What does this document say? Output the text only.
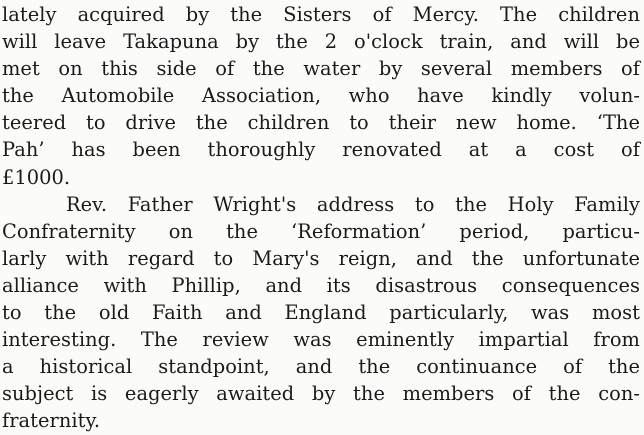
lately acquired by the Sisters of Mercy. The children
will leave Takapuna by the 2 o'clock train, and will be
met on this side of the water by several members of
the Automobile Association, who have kindly volun-
teered to drive the children to their new home. ‘The
Pah’ has been thoroughly renovated at a cost of
£1000.
Rev. Father Wright's address to the Holy Family
Confraternity on the ‘Reformation’ period, particu-
larly with regard to Mary's reign, and the unfortunate
alliance with Phillip, and its disastrous consequences
to the old Faith and England particularly, was most
interesting. The review was eminently impartial from
a historical standpoint, and the continuance of the
subject is eagerly awaited by the members of the con-
fraternity.
